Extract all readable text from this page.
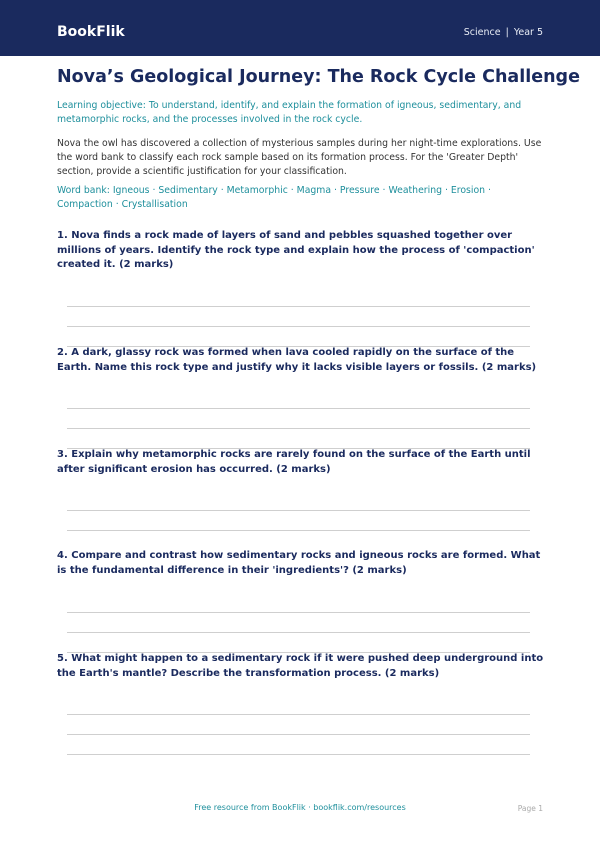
BookFlik	Science | Year 5
Nova’s Geological Journey: The Rock Cycle Challenge

Learning objective: To understand, identify, and explain the formation of igneous, sedimentary, and metamorphic rocks, and the processes involved in the rock cycle.

Nova the owl has discovered a collection of mysterious samples during her night-time explorations. Use the word bank to classify each rock sample based on its formation process. For the 'Greater Depth' section, provide a scientific justification for your classification.

Word bank: Igneous · Sedimentary · Metamorphic · Magma · Pressure · Weathering · Erosion · Compaction · Crystallisation

1. Nova finds a rock made of layers of sand and pebbles squashed together over millions of years. Identify the rock type and explain how the process of 'compaction' created it. (2 marks)

2. A dark, glassy rock was formed when lava cooled rapidly on the surface of the Earth. Name this rock type and justify why it lacks visible layers or fossils. (2 marks)

3. Explain why metamorphic rocks are rarely found on the surface of the Earth until after significant erosion has occurred. (2 marks)

4. Compare and contrast how sedimentary rocks and igneous rocks are formed. What is the fundamental difference in their 'ingredients'? (2 marks)

5. What might happen to a sedimentary rock if it were pushed deep underground into the Earth's mantle? Describe the transformation process. (2 marks)

Free resource from BookFlik · bookflik.com/resources	Page 1
